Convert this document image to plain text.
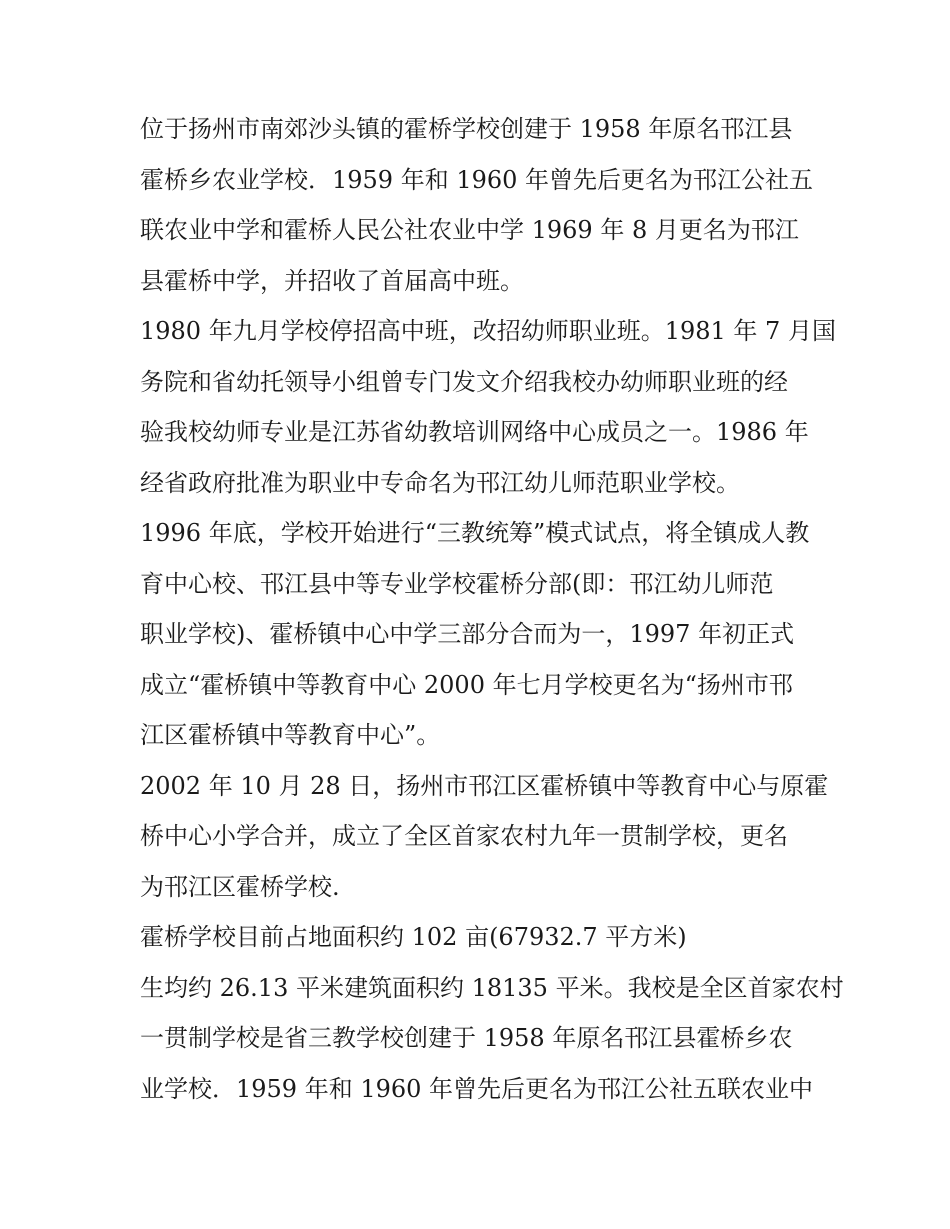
位于扬州市南郊沙头镇的霍桥学校创建于 1958 年原名邗江县
霍桥乡农业学校．1959 年和 1960 年曾先后更名为邗江公社五
联农业中学和霍桥人民公社农业中学 1969 年 8 月更名为邗江
县霍桥中学，并招收了首届高中班。
1980 年九月学校停招高中班，改招幼师职业班。1981 年 7 月国
务院和省幼托领导小组曾专门发文介绍我校办幼师职业班的经
验我校幼师专业是江苏省幼教培训网络中心成员之一。1986 年
经省政府批准为职业中专命名为邗江幼儿师范职业学校。
1996 年底，学校开始进行“三教统筹”模式试点，将全镇成人教
育中心校、邗江县中等专业学校霍桥分部(即：邗江幼儿师范
职业学校)、霍桥镇中心中学三部分合而为一，1997 年初正式
成立“霍桥镇中等教育中心 2000 年七月学校更名为“扬州市邗
江区霍桥镇中等教育中心”。
2002 年 10 月 28 日，扬州市邗江区霍桥镇中等教育中心与原霍
桥中心小学合并，成立了全区首家农村九年一贯制学校，更名
为邗江区霍桥学校.
霍桥学校目前占地面积约 102 亩(67932.7 平方米)
生均约 26.13 平米建筑面积约 18135 平米。我校是全区首家农村
一贯制学校是省三教学校创建于 1958 年原名邗江县霍桥乡农
业学校．1959 年和 1960 年曾先后更名为邗江公社五联农业中
